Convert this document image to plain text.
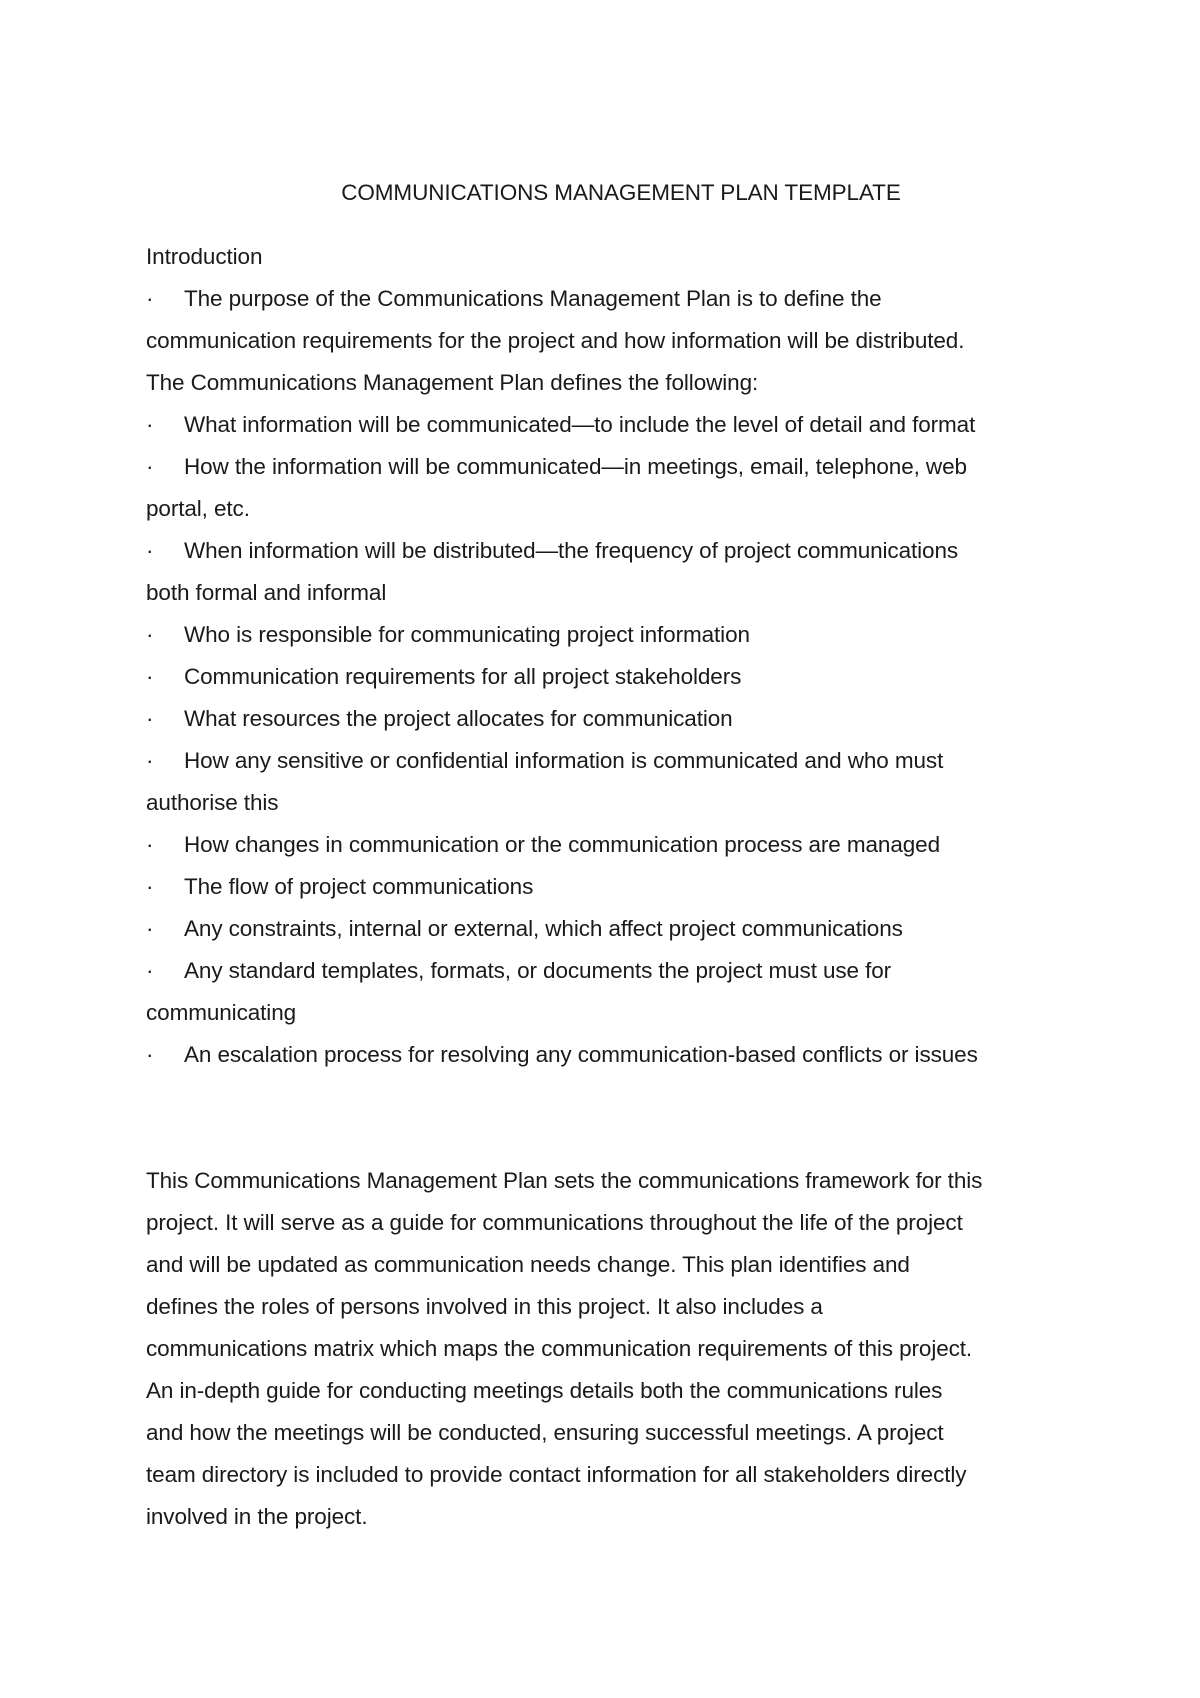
COMMUNICATIONS MANAGEMENT PLAN TEMPLATE
Introduction
· The purpose of the Communications Management Plan is to define the
communication requirements for the project and how information will be distributed.
The Communications Management Plan defines the following:
· What information will be communicated—to include the level of detail and format
· How the information will be communicated—in meetings, email, telephone, web
portal, etc.
· When information will be distributed—the frequency of project communications
both formal and informal
· Who is responsible for communicating project information
· Communication requirements for all project stakeholders
· What resources the project allocates for communication
· How any sensitive or confidential information is communicated and who must
authorise this
· How changes in communication or the communication process are managed
· The flow of project communications
· Any constraints, internal or external, which affect project communications
· Any standard templates, formats, or documents the project must use for
communicating
· An escalation process for resolving any communication-based conflicts or issues
This Communications Management Plan sets the communications framework for this
project. It will serve as a guide for communications throughout the life of the project
and will be updated as communication needs change. This plan identifies and
defines the roles of persons involved in this project. It also includes a
communications matrix which maps the communication requirements of this project.
An in-depth guide for conducting meetings details both the communications rules
and how the meetings will be conducted, ensuring successful meetings. A project
team directory is included to provide contact information for all stakeholders directly
involved in the project.
